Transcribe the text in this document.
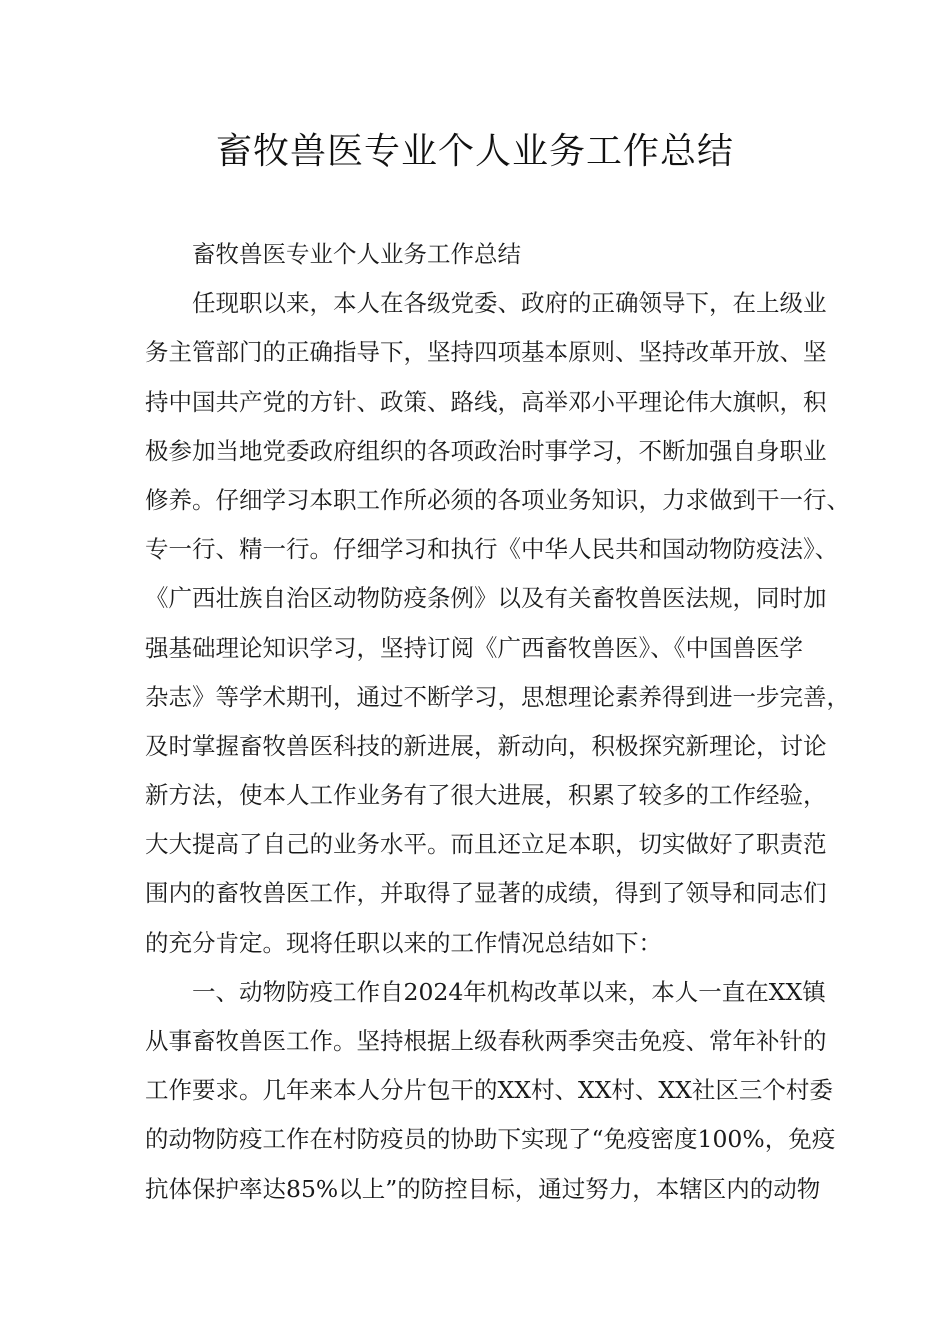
畜牧兽医专业个人业务工作总结
畜牧兽医专业个人业务工作总结
任现职以来，本人在各级党委、政府的正确领导下，在上级业
务主管部门的正确指导下，坚持四项基本原则、坚持改革开放、坚
持中国共产党的方针、政策、路线，高举邓小平理论伟大旗帜，积
极参加当地党委政府组织的各项政治时事学习，不断加强自身职业
修养。仔细学习本职工作所必须的各项业务知识，力求做到干一行、
专一行、精一行。仔细学习和执行《中华人民共和国动物防疫法》、
《广西壮族自治区动物防疫条例》以及有关畜牧兽医法规，同时加
强基础理论知识学习，坚持订阅《广西畜牧兽医》、《中国兽医学
杂志》等学术期刊，通过不断学习，思想理论素养得到进一步完善，
及时掌握畜牧兽医科技的新进展，新动向，积极探究新理论，讨论
新方法，使本人工作业务有了很大进展，积累了较多的工作经验，
大大提高了自己的业务水平。而且还立足本职，切实做好了职责范
围内的畜牧兽医工作，并取得了显著的成绩，得到了领导和同志们
的充分肯定。现将任职以来的工作情况总结如下：
一、动物防疫工作自2024年机构改革以来，本人一直在XX镇
从事畜牧兽医工作。坚持根据上级春秋两季突击免疫、常年补针的
工作要求。几年来本人分片包干的XX村、XX村、XX社区三个村委
的动物防疫工作在村防疫员的协助下实现了“免疫密度100%，免疫
抗体保护率达85%以上”的防控目标，通过努力，本辖区内的动物
